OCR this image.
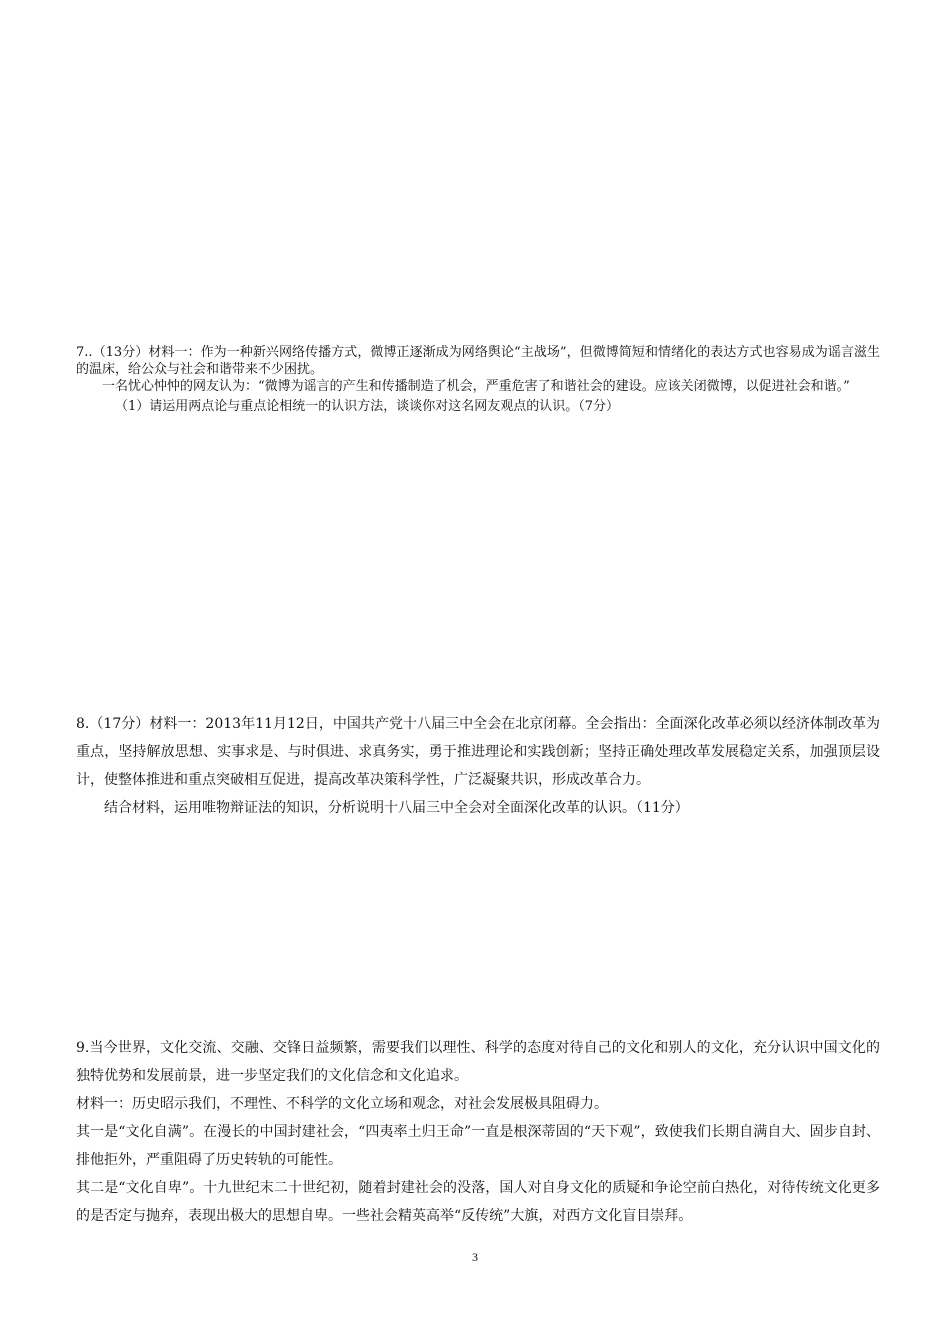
7..（13分）材料一：作为一种新兴网络传播方式，微博正逐渐成为网络舆论“主战场”，但微博简短和情绪化的表达方式也容易成为谣言滋生的温床，给公众与社会和谐带来不少困扰。

一名忧心忡忡的网友认为：“微博为谣言的产生和传播制造了机会，严重危害了和谐社会的建设。应该关闭微博，以促进社会和谐。”

（1）请运用两点论与重点论相统一的认识方法，谈谈你对这名网友观点的认识。（7分）

8.（17分）材料一：2013年11月12日，中国共产党十八届三中全会在北京闭幕。全会指出：全面深化改革必须以经济体制改革为重点，坚持解放思想、实事求是、与时俱进、求真务实，勇于推进理论和实践创新；坚持正确处理改革发展稳定关系，加强顶层设计，使整体推进和重点突破相互促进，提高改革决策科学性，广泛凝聚共识，形成改革合力。

结合材料，运用唯物辩证法的知识，分析说明十八届三中全会对全面深化改革的认识。（11分）

9.当今世界，文化交流、交融、交锋日益频繁，需要我们以理性、科学的态度对待自己的文化和别人的文化，充分认识中国文化的独特优势和发展前景，进一步坚定我们的文化信念和文化追求。

材料一：历史昭示我们，不理性、不科学的文化立场和观念，对社会发展极具阻碍力。

其一是“文化自满”。在漫长的中国封建社会，“四夷率土归王命”一直是根深蒂固的“天下观”，致使我们长期自满自大、固步自封、排他拒外，严重阻碍了历史转轨的可能性。

其二是“文化自卑”。十九世纪末二十世纪初，随着封建社会的没落，国人对自身文化的质疑和争论空前白热化，对待传统文化更多的是否定与抛弃，表现出极大的思想自卑。一些社会精英高举“反传统”大旗，对西方文化盲目崇拜。

3
